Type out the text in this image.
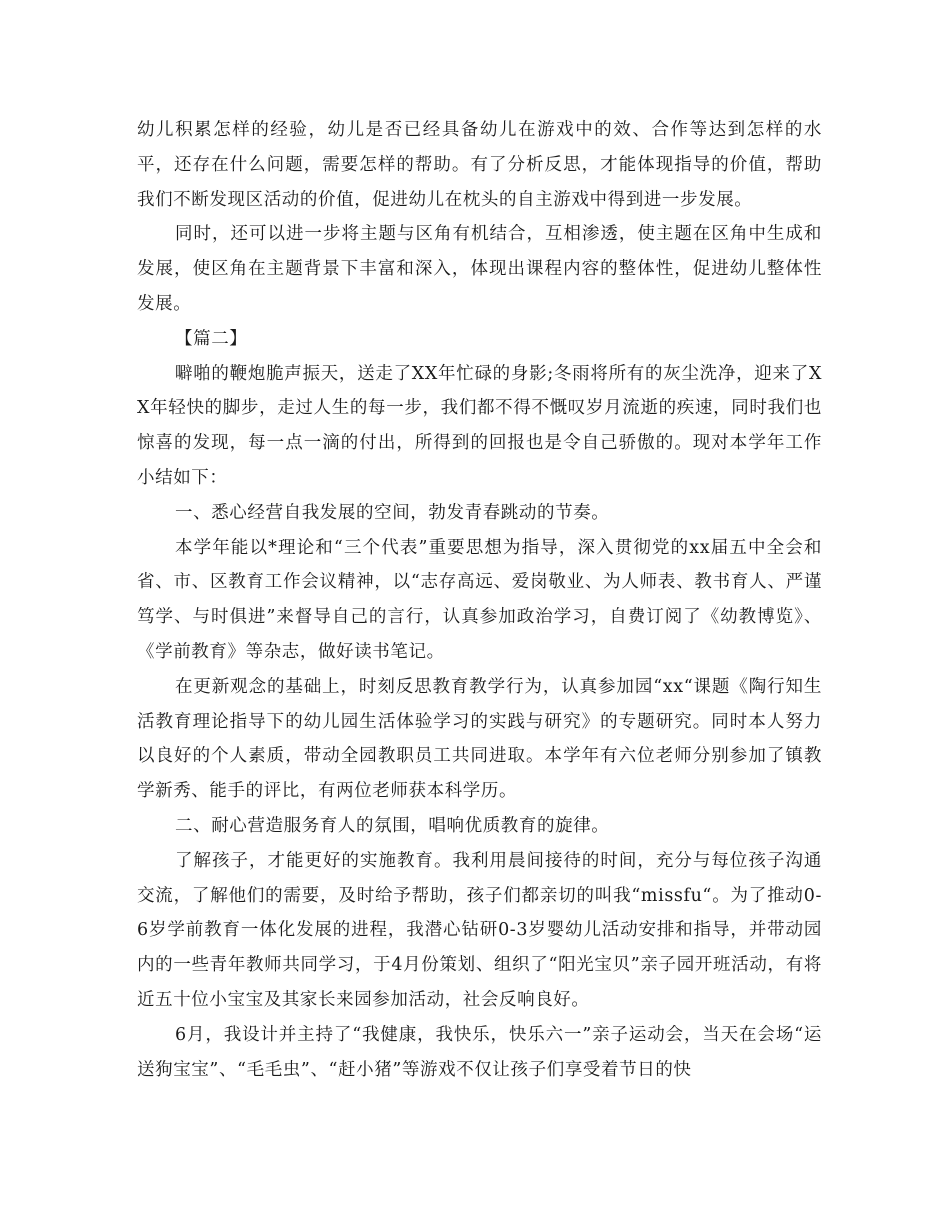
幼儿积累怎样的经验，幼儿是否已经具备幼儿在游戏中的效、合作等达到怎样的水平，还存在什么问题，需要怎样的帮助。有了分析反思，才能体现指导的价值，帮助我们不断发现区活动的价值，促进幼儿在枕头的自主游戏中得到进一步发展。

同时，还可以进一步将主题与区角有机结合，互相渗透，使主题在区角中生成和发展，使区角在主题背景下丰富和深入，体现出课程内容的整体性，促进幼儿整体性发展。

【篇二】

噼啪的鞭炮脆声振天，送走了XX年忙碌的身影;冬雨将所有的灰尘洗净，迎来了XX年轻快的脚步，走过人生的每一步，我们都不得不慨叹岁月流逝的疾速，同时我们也惊喜的发现，每一点一滴的付出，所得到的回报也是令自己骄傲的。现对本学年工作小结如下：

一、悉心经营自我发展的空间，勃发青春跳动的节奏。

本学年能以*理论和“三个代表”重要思想为指导，深入贯彻党的xx届五中全会和省、市、区教育工作会议精神，以“志存高远、爱岗敬业、为人师表、教书育人、严谨笃学、与时俱进”来督导自己的言行，认真参加政治学习，自费订阅了《幼教博览》、《学前教育》等杂志，做好读书笔记。

在更新观念的基础上，时刻反思教育教学行为，认真参加园“xx“课题《陶行知生活教育理论指导下的幼儿园生活体验学习的实践与研究》的专题研究。同时本人努力以良好的个人素质，带动全园教职员工共同进取。本学年有六位老师分别参加了镇教学新秀、能手的评比，有两位老师获本科学历。

二、耐心营造服务育人的氛围，唱响优质教育的旋律。

了解孩子，才能更好的实施教育。我利用晨间接待的时间，充分与每位孩子沟通交流，了解他们的需要，及时给予帮助，孩子们都亲切的叫我“missfu“。为了推动0-6岁学前教育一体化发展的进程，我潜心钻研0-3岁婴幼儿活动安排和指导，并带动园内的一些青年教师共同学习，于4月份策划、组织了“阳光宝贝”亲子园开班活动，有将近五十位小宝宝及其家长来园参加活动，社会反响良好。

6月，我设计并主持了“我健康，我快乐，快乐六一”亲子运动会，当天在会场“运送狗宝宝”、“毛毛虫”、“赶小猪”等游戏不仅让孩子们享受着节日的快
